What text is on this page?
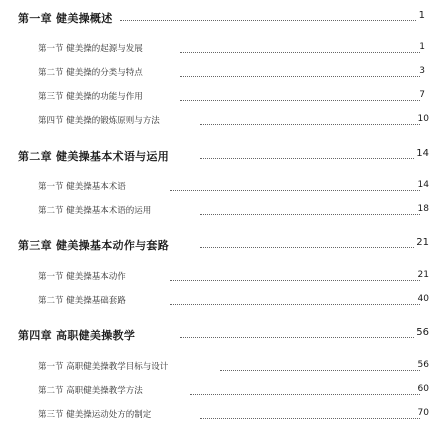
第一章 健美操概述	1
第一节 健美操的起源与发展	1
第二节 健美操的分类与特点	3
第三节 健美操的功能与作用	7
第四节 健美操的锻炼原则与方法	10
第二章 健美操基本术语与运用	14
第一节 健美操基本术语	14
第二节 健美操基本术语的运用	18
第三章 健美操基本动作与套路	21
第一节 健美操基本动作	21
第二节 健美操基础套路	40
第四章 高职健美操教学	56
第一节 高职健美操教学目标与设计	56
第二节 高职健美操教学方法	60
第三节 健美操运动处方的制定	70
